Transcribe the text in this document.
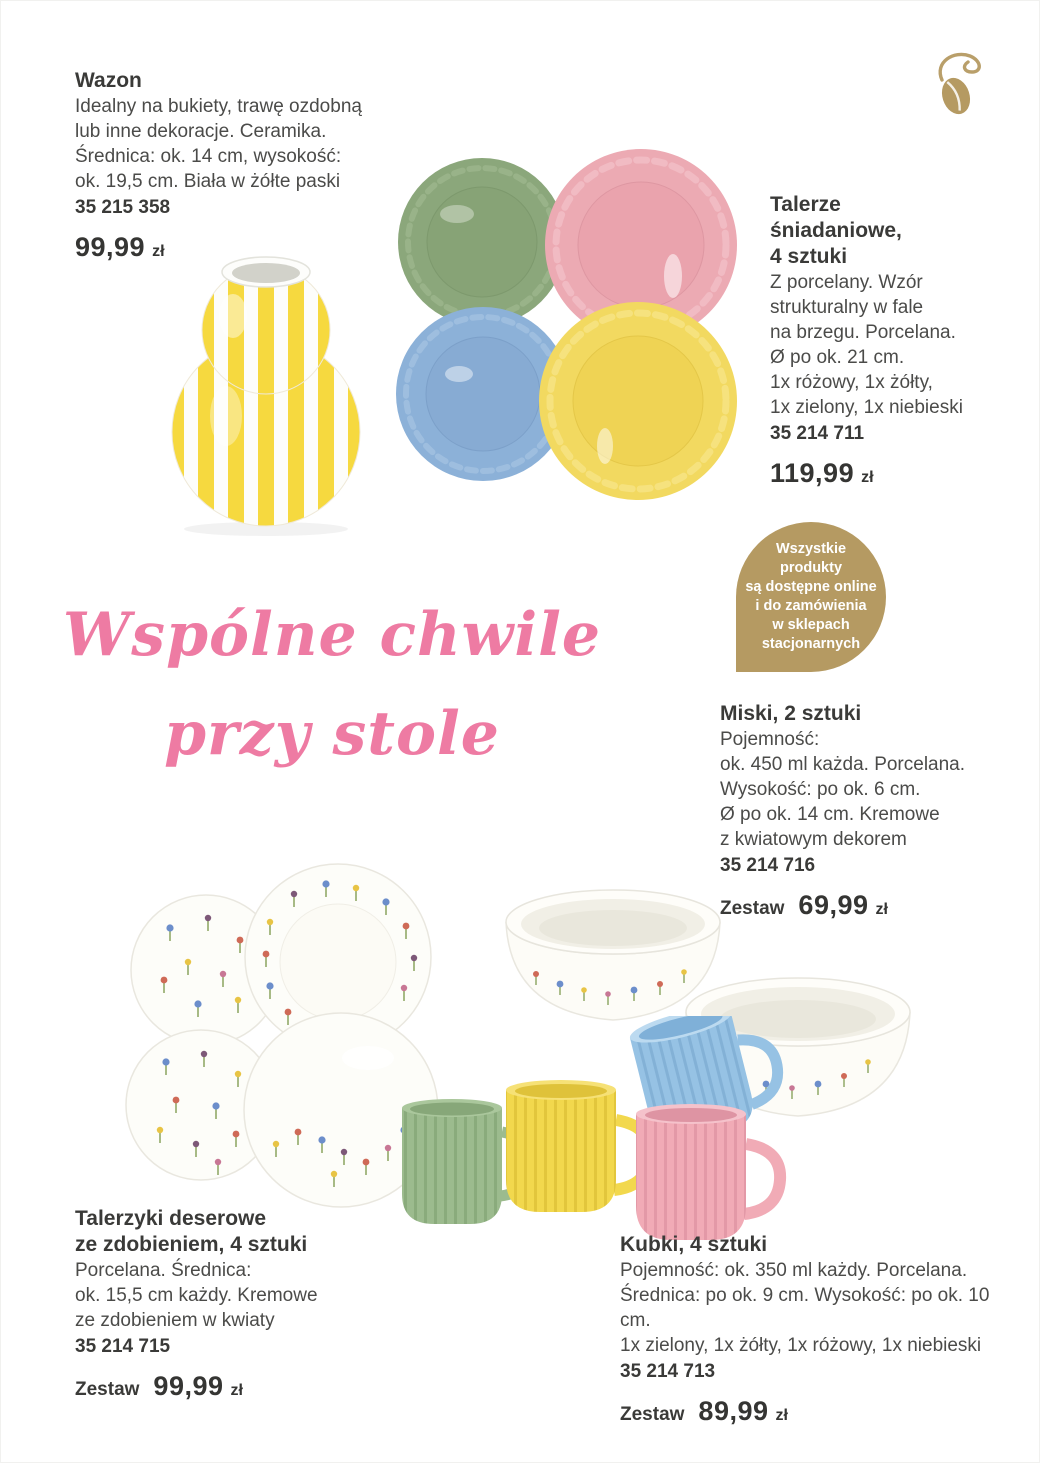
Wazon
Idealny na bukiety, trawę ozdobną
lub inne dekoracje. Ceramika.
Średnica: ok. 14 cm, wysokość:
ok. 19,5 cm. Biała w żółte paski
35 215 358
99,99 zł
Talerze
śniadaniowe,
4 sztuki
Z porcelany. Wzór
strukturalny w fale
na brzegu. Porcelana.
Ø po ok. 21 cm.
1x różowy, 1x żółty,
1x zielony, 1x niebieski
35 214 711
119,99 zł
Wszystkie
produkty
są dostępne online
i do zamówienia
w sklepach
stacjonarnych
Wspólne chwile
przy stole	Miski, 2 sztuki
Pojemność:
ok. 450 ml każda. Porcelana.
Wysokość: po ok. 6 cm.
Ø po ok. 14 cm. Kremowe
z kwiatowym dekorem
35 214 716
Zestaw 69,99 zł
Talerzyki deserowe
ze zdobieniem, 4 sztuki
Porcelana. Średnica:
ok. 15,5 cm każdy. Kremowe
ze zdobieniem w kwiaty
35 214 715
Zestaw 99,99 zł
Kubki, 4 sztuki
Pojemność: ok. 350 ml każdy. Porcelana.
Średnica: po ok. 9 cm. Wysokość: po ok. 10 cm.
1x zielony, 1x żółty, 1x różowy, 1x niebieski
35 214 713
Zestaw 89,99 zł
